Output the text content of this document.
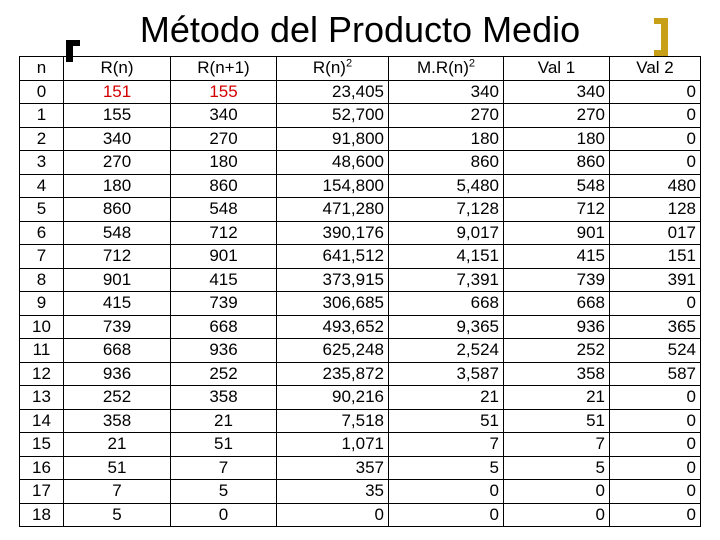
Método del Producto Medio
n	R(n)	R(n+1)	$R(n)^2$	$M.R(n)^2$	Val 1	Val 2
0	151	155	23,405	340	340	0
1	155	340	52,700	270	270	0
2	340	270	91,800	180	180	0
3	270	180	48,600	860	860	0
4	180	860	154,800	5,480	548	480
5	860	548	471,280	7,128	712	128
6	548	712	390,176	9,017	901	017
7	712	901	641,512	4,151	415	151
8	901	415	373,915	7,391	739	391
9	415	739	306,685	668	668	0
10	739	668	493,652	9,365	936	365
11	668	936	625,248	2,524	252	524
12	936	252	235,872	3,587	358	587
13	252	358	90,216	21	21	0
14	358	21	7,518	51	51	0
15	21	51	1,071	7	7	0
16	51	7	357	5	5	0
17	7	5	35	0	0	0
18	5	0	0	0	0	0
